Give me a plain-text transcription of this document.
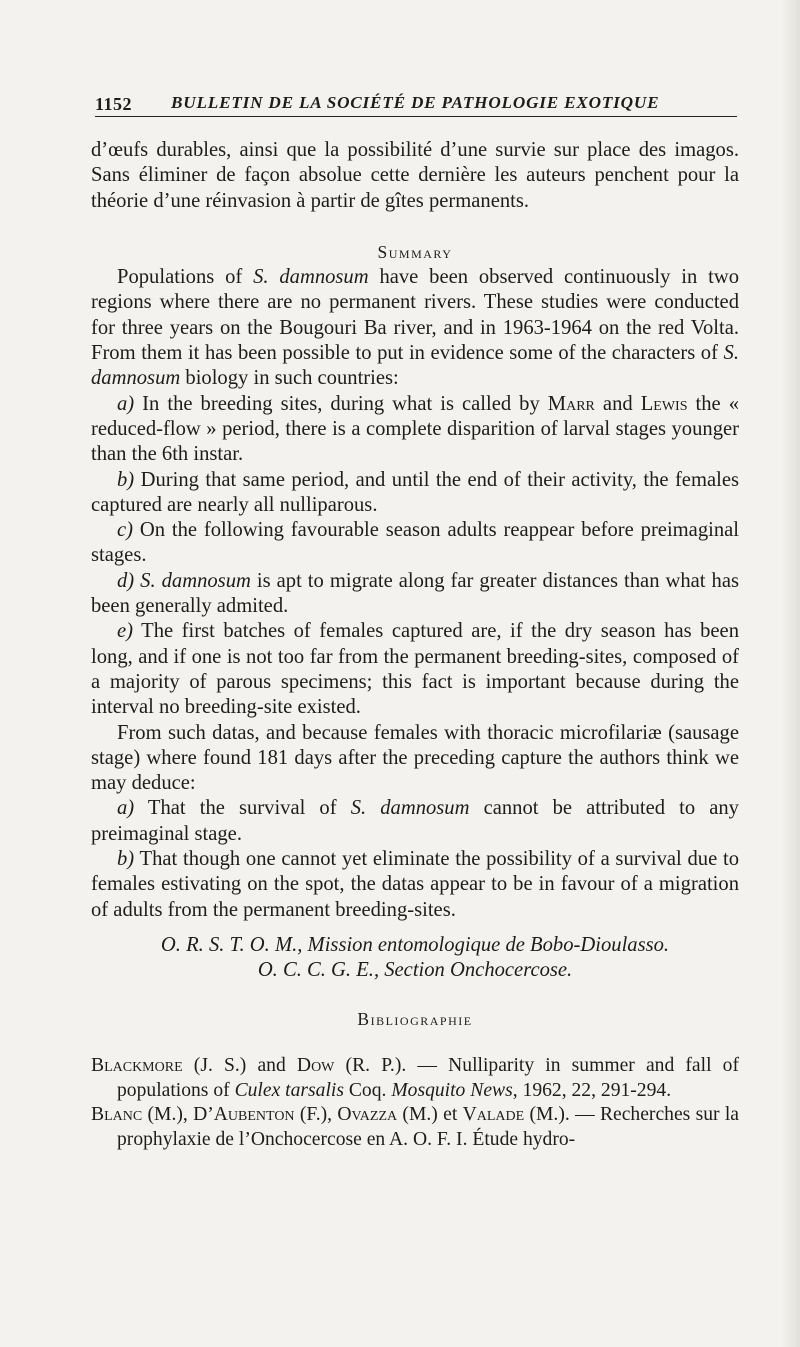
1152 BULLETIN DE LA SOCIÉTÉ DE PATHOLOGIE EXOTIQUE

d’œufs durables, ainsi que la possibilité d’une survie sur place des imagos. Sans éliminer de façon absolue cette dernière les auteurs penchent pour la théorie d’une réinvasion à partir de gîtes permanents.

Summary

Populations of S. damnosum have been observed continuously in two regions where there are no permanent rivers. These studies were conducted for three years on the Bougouri Ba river, and in 1963-1964 on the red Volta. From them it has been possible to put in evidence some of the characters of S. damnosum biology in such countries:

a) In the breeding sites, during what is called by Marr and Lewis the « reduced-flow » period, there is a complete disparition of larval stages younger than the 6th instar.

b) During that same period, and until the end of their activity, the females captured are nearly all nulliparous.

c) On the following favourable season adults reappear before preimaginal stages.

d) S. damnosum is apt to migrate along far greater distances than what has been generally admited.

e) The first batches of females captured are, if the dry season has been long, and if one is not too far from the permanent breeding-sites, composed of a majority of parous specimens; this fact is important because during the interval no breeding-site existed.

From such datas, and because females with thoracic microfilariæ (sausage stage) where found 181 days after the preceding capture the authors think we may deduce:

a) That the survival of S. damnosum cannot be attributed to any preimaginal stage.

b) That though one cannot yet eliminate the possibility of a survival due to females estivating on the spot, the datas appear to be in favour of a migration of adults from the permanent breeding-sites.

O. R. S. T. O. M., Mission entomologique de Bobo-Dioulasso.

O. C. C. G. E., Section Onchocercose.

Bibliographie

Blackmore (J. S.) and Dow (R. P.). — Nulliparity in summer and fall of populations of Culex tarsalis Coq. Mosquito News, 1962, 22, 291-294.

Blanc (M.), D’Aubenton (F.), Ovazza (M.) et Valade (M.). — Recherches sur la prophylaxie de l’Onchocercose en A. O. F. I. Étude hydro-
